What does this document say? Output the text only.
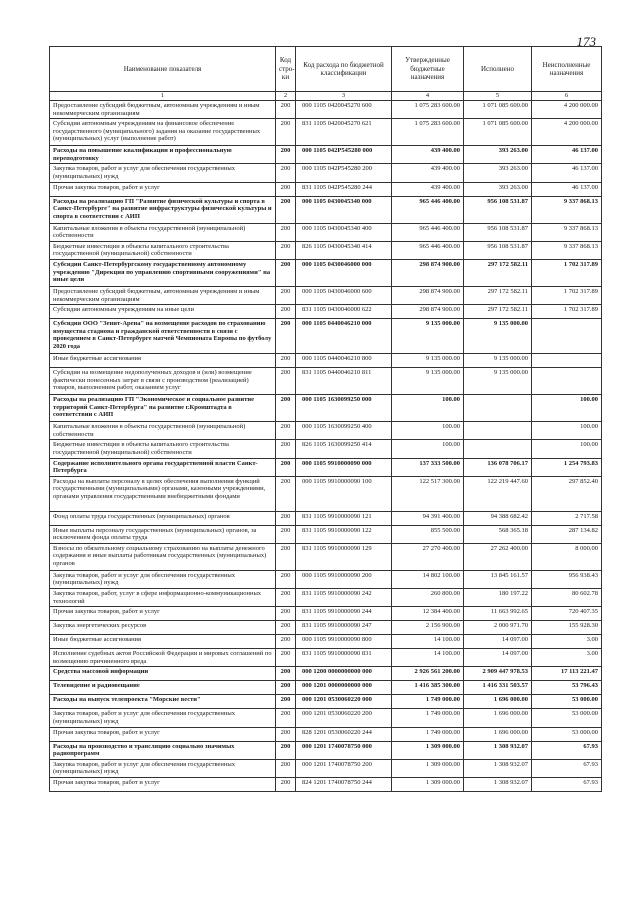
173
Наименование показателя	Код стро- ки	Код расхода по бюджетной классификации	Утвержденные бюджетные назначения	Исполнено	Неисполненные назначения
1	2	3	4	5	6
Предоставление субсидий бюджетным, автономным учреждениям и иным некоммерческим организациям	200	000 1105 0420045270 600	1 075 283 600.00	1 071 085 600.00	4 200 000.00
Субсидии автономным учреждениям на финансовое обеспечение государственного (муниципального) задания на оказание государственных (муниципальных) услуг (выполнение работ)	200	831 1105 0420045270 621	1 075 283 600.00	1 071 085 600.00	4 200 000.00
Расходы на повышение квалификации и профессиональную переподготовку	200	000 1105 042P545280 000	439 400.00	393 263.00	46 137.00
Закупка товаров, работ и услуг для обеспечения государственных (муниципальных) нужд	200	000 1105 042P545280 200	439 400.00	393 263.00	46 137.00
Прочая закупка товаров, работ и услуг	200	831 1105 042P545280 244	439 400.00	393 263.00	46 137.00
Расходы на реализацию ГП "Развитие физической культуры и спорта в Санкт-Петербурге" на развитие инфраструктуры физической культуры и спорта в соответствии с АИП	200	000 1105 0430045340 000	965 446 400.00	956 108 531.87	9 337 868.13
Капитальные вложения в объекты государственной (муниципальной) собственности	200	000 1105 0430045340 400	965 446 400.00	956 108 531.87	9 337 868.13
Бюджетные инвестиции в объекты капитального строительства государственной (муниципальной) собственности	200	826 1105 0430045340 414	965 446 400.00	956 108 531.87	9 337 868.13
Субсидии Санкт-Петербургскому государственному автономному учреждению "Дирекция по управлению спортивными сооружениями" на иные цели	200	000 1105 0430046000 000	298 874 900.00	297 172 582.11	1 702 317.89
Предоставление субсидий бюджетным, автономным учреждениям и иным некоммерческим организациям	200	000 1105 0430046000 600	298 874 900.00	297 172 582.11	1 702 317.89
Субсидии автономным учреждениям на иные цели	200	831 1105 0430046000 622	298 874 900.00	297 172 582.11	1 702 317.89
Субсидия ООО "Зенит-Арена" на возмещение расходов по страхованию имущества стадиона и гражданской ответственности в связи с проведением в Санкт-Петербурге матчей Чемпионата Европы по футболу 2020 года	200	000 1105 0440046210 000	9 135 000.00	9 135 000.00	
Иные бюджетные ассигнования	200	000 1105 0440046210 800	9 135 000.00	9 135 000.00	
Субсидии на возмещение недополученных доходов и (или) возмещение фактически понесенных затрат в связи с производством (реализацией) товаров, выполнением работ, оказанием услуг	200	831 1105 0440046210 811	9 135 000.00	9 135 000.00	
Расходы на реализацию ГП "Экономическое и социальное развитие территорий Санкт-Петербурга" на развитие г.Кронштадта в соответствии с АИП	200	000 1105 1630099250 000	100.00		100.00
Капитальные вложения в объекты государственной (муниципальной) собственности	200	000 1105 1630099250 400	100.00		100.00
Бюджетные инвестиции в объекты капитального строительства государственной (муниципальной) собственности	200	826 1105 1630099250 414	100.00		100.00
Содержание исполнительного органа государственной власти Санкт-Петербурга	200	000 1105 9910000090 000	137 333 500.00	136 078 706.17	1 254 793.83
Расходы на выплаты персоналу в целях обеспечения выполнения функций государственными (муниципальными) органами, казенными учреждениями, органами управления государственными внебюджетными фондами	200	000 1105 9910000090 100	122 517 300.00	122 219 447.60	297 852.40
Фонд оплаты труда государственных (муниципальных) органов	200	831 1105 9910000090 121	94 391 400.00	94 388 682.42	2 717.58
Иные выплаты персоналу государственных (муниципальных) органов, за исключением фонда оплаты труда	200	831 1105 9910000090 122	855 500.00	568 365.18	287 134.82
Взносы по обязательному социальному страхованию на выплаты денежного содержания и иные выплаты работникам государственных (муниципальных) органов	200	831 1105 9910000090 129	27 270 400.00	27 262 400.00	8 000.00
Закупка товаров, работ и услуг для обеспечения государственных (муниципальных) нужд	200	000 1105 9910000090 200	14 802 100.00	13 845 161.57	956 938.43
Закупка товаров, работ, услуг в сфере информационно-коммуникационных технологий	200	831 1105 9910000090 242	260 800.00	180 197.22	80 602.78
Прочая закупка товаров, работ и услуг	200	831 1105 9910000090 244	12 384 400.00	11 663 992.65	720 407.35
Закупка энергетических ресурсов	200	831 1105 9910000090 247	2 156 900.00	2 000 971.70	155 928.30
Иные бюджетные ассигнования	200	000 1105 9910000090 800	14 100.00	14 097.00	3.00
Исполнение судебных актов Российской Федерации и мировых соглашений по возмещению причиненного вреда	200	831 1105 9910000090 831	14 100.00	14 097.00	3.00
Средства массовой информации	200	000 1200 0000000000 000	2 926 561 200.00	2 909 447 978.53	17 113 221.47
Телевидение и радиовещание	200	000 1201 0000000000 000	1 416 385 300.00	1 416 331 503.57	53 796.43
Расходы на выпуск телепроекта "Морские вести"	200	000 1201 0530060220 000	1 749 000.00	1 696 000.00	53 000.00
Закупка товаров, работ и услуг для обеспечения государственных (муниципальных) нужд	200	000 1201 0530060220 200	1 749 000.00	1 696 000.00	53 000.00
Прочая закупка товаров, работ и услуг	200	828 1201 0530060220 244	1 749 000.00	1 696 000.00	53 000.00
Расходы на производство и трансляцию социально значимых радиопрограмм	200	000 1201 1740078750 000	1 309 000.00	1 308 932.07	67.93
Закупка товаров, работ и услуг для обеспечения государственных (муниципальных) нужд	200	000 1201 1740078750 200	1 309 000.00	1 308 932.07	67.93
Прочая закупка товаров, работ и услуг	200	824 1201 1740078750 244	1 309 000.00	1 308 932.07	67.93
